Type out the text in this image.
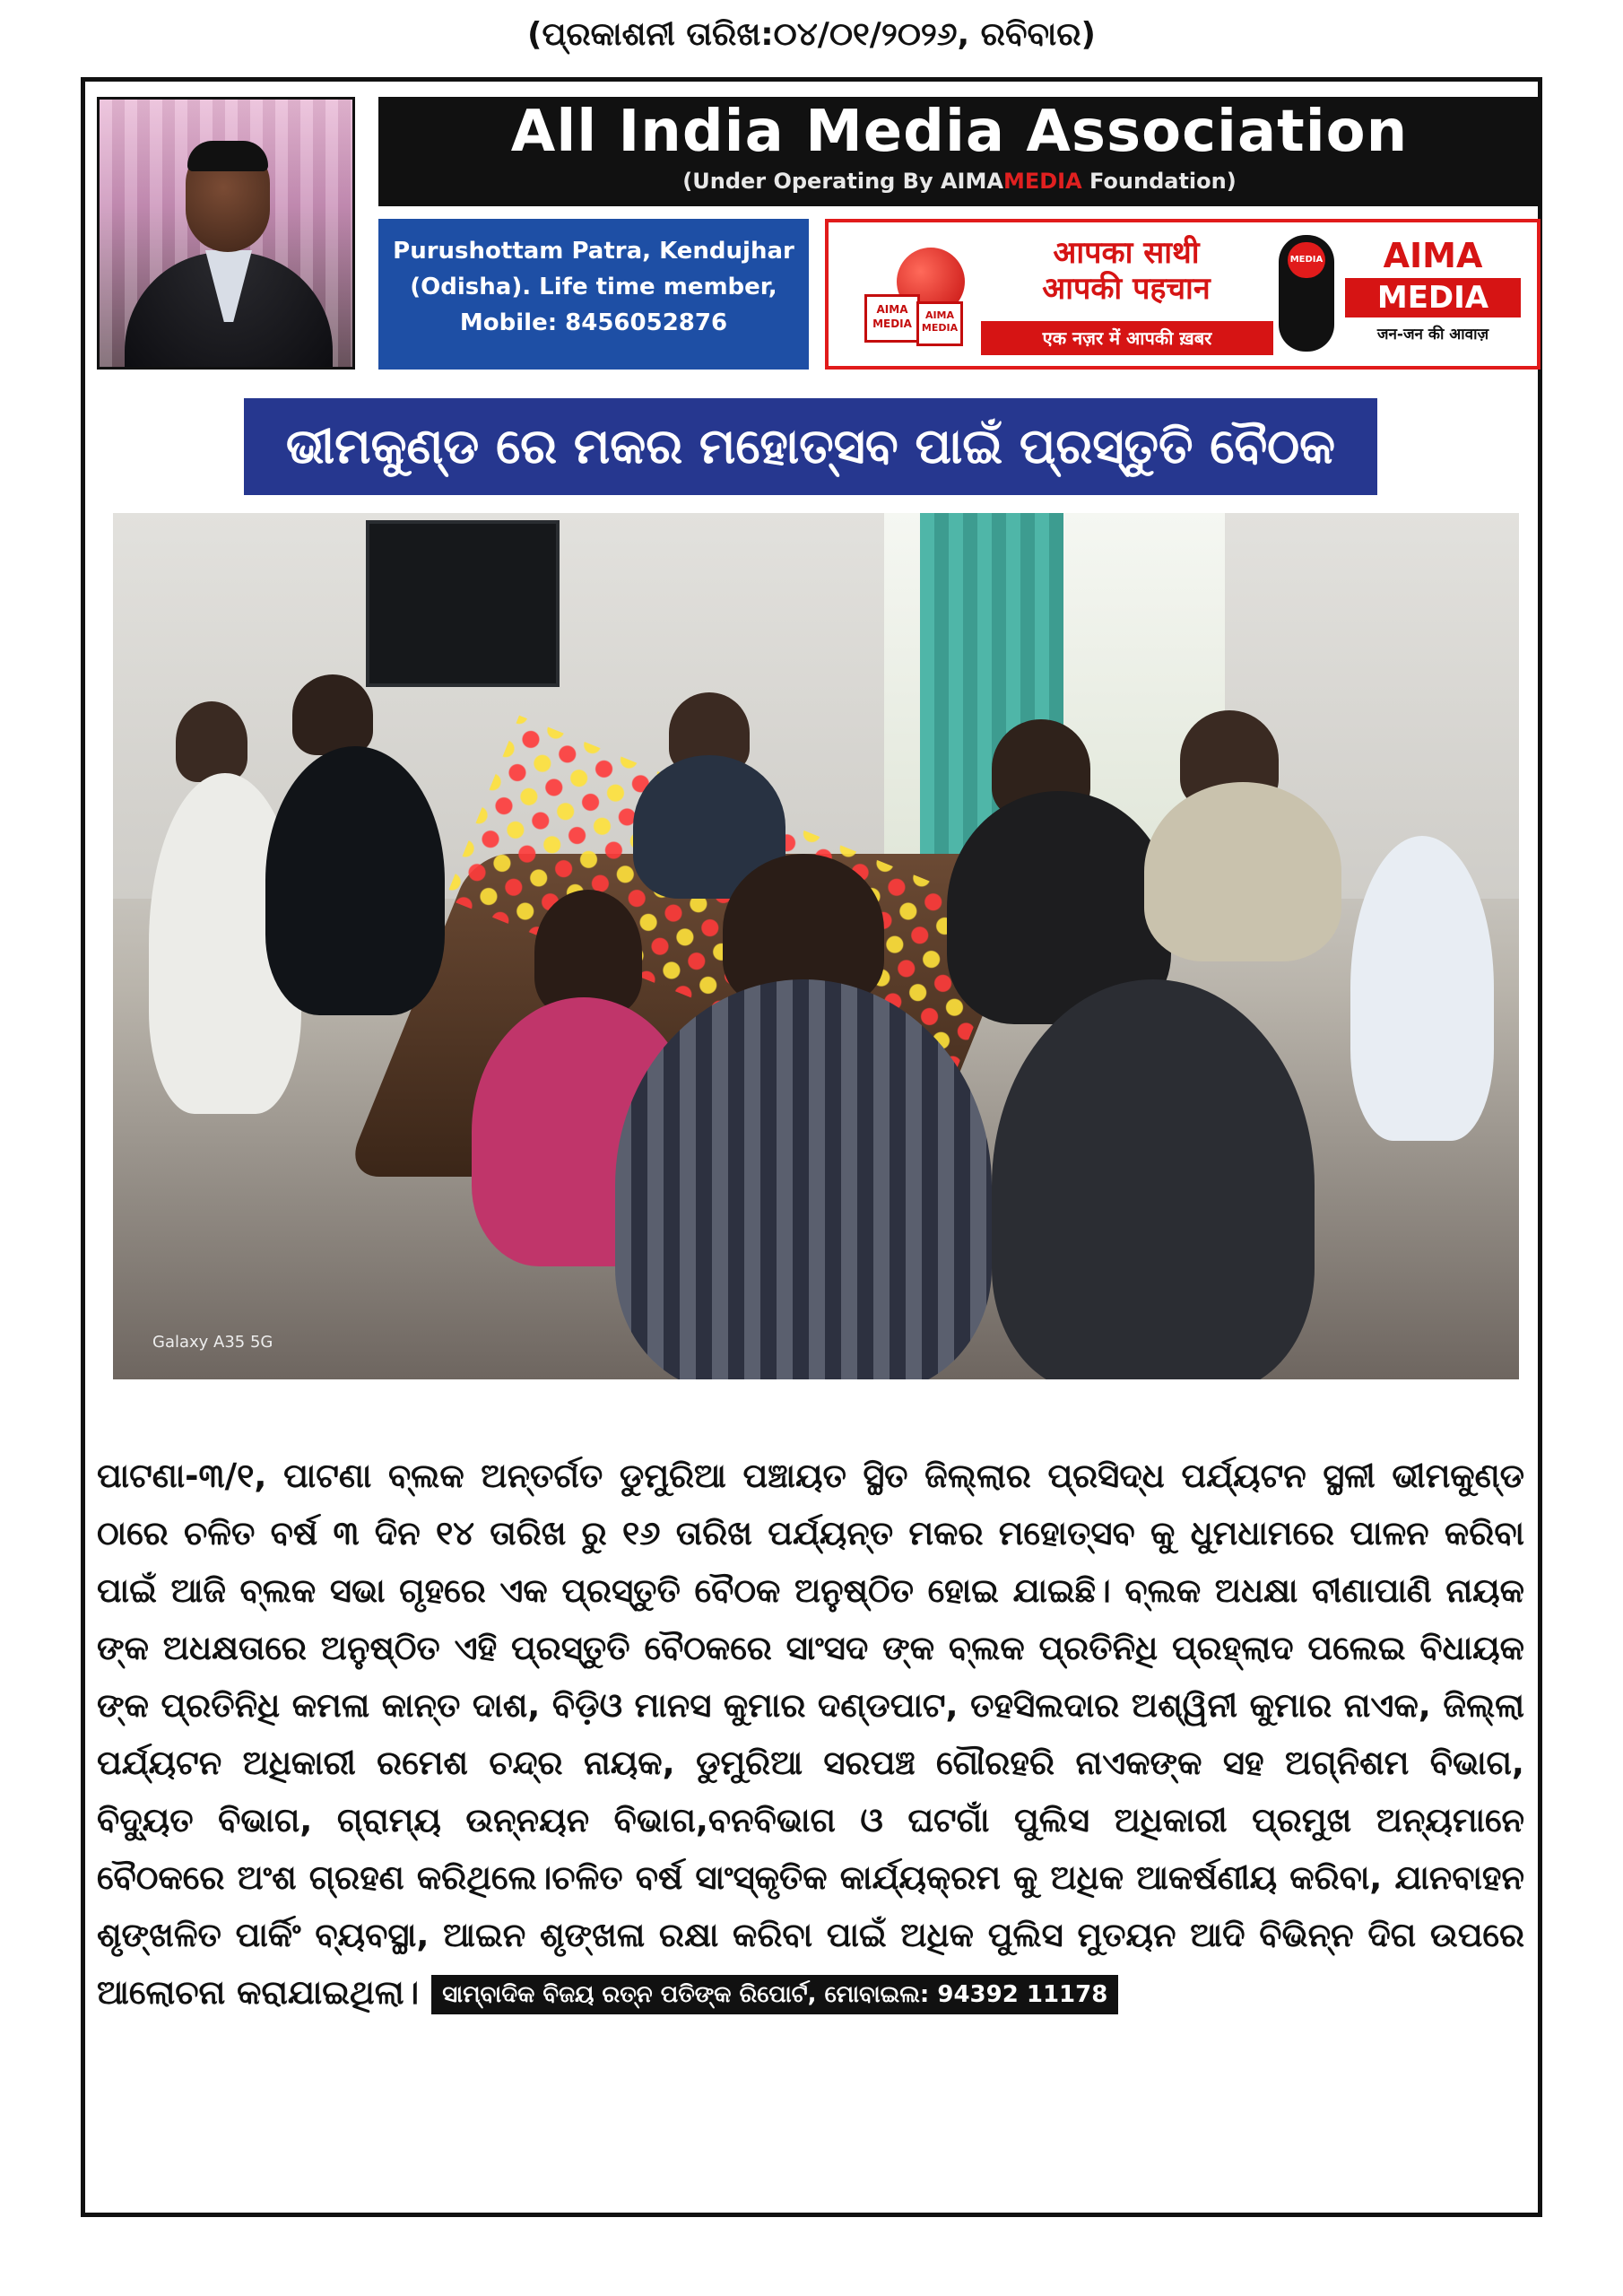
(ପ୍ରକାଶନୀ ତାରିଖ:୦୪/୦୧/୨୦୨୬, ରବିବାର)
All India Media Association
(Under Operating By AIMAMEDIA Foundation)
Purushottam Patra, Kendujhar (Odisha). Life time member, Mobile: 8456052876	AIMA MEDIA
AIMA MEDIA
आपका साथी
आपकी पहचान
एक नज़र में आपकी ख़बर
MEDIA	AIMA
MEDIA
जन-जन की आवाज़
ଭୀମକୁଣ୍ଡ ରେ ମକର ମହୋତ୍ସବ ପାଇଁ ପ୍ରସ୍ତୁତି ବୈଠକ
Galaxy A35 5G
ପାଟଣା-୩/୧, ପାଟଣା ବ୍ଲକ ଅନ୍ତର୍ଗତ ଡୁମୁରିଆ ପଞ୍ଚାୟତ ସ୍ଥିତ ଜିଲ୍ଲାର ପ୍ରସିଦ୍ଧ ପର୍ଯ୍ୟଟନ ସ୍ଥଳୀ ଭୀମକୁଣ୍ଡ ଠାରେ ଚଳିତ ବର୍ଷ ୩ ଦିନ ୧୪ ତାରିଖ ରୁ ୧୬ ତାରିଖ ପର୍ଯ୍ୟନ୍ତ ମକର ମହୋତ୍ସବ କୁ ଧୁମଧାମରେ ପାଳନ କରିବା ପାଇଁ ଆଜି ବ୍ଲକ ସଭା ଗୃହରେ ଏକ ପ୍ରସ୍ତୁତି ବୈଠକ ଅନୁଷ୍ଠିତ ହୋଇ ଯାଇଛି। ବ୍ଲକ ଅଧକ୍ଷା ବୀଣାପାଣି ନାୟକ ଙ୍କ ଅଧକ୍ଷତାରେ ଅନୁଷ୍ଠିତ ଏହି ପ୍ରସ୍ତୁତି ବୈଠକରେ ସାଂସଦ ଙ୍କ ବ୍ଲକ ପ୍ରତିନିଧି ପ୍ରହ୍ଲାଦ ପଲେଇ ବିଧାୟକ ଙ୍କ ପ୍ରତିନିଧି କମଳା କାନ୍ତ ଦାଶ, ବିଡ଼ିଓ ମାନସ କୁମାର ଦଣ୍ଡପାଟ, ତହସିଲଦାର ଅଶ୍ୱିନୀ କୁମାର ନାଏକ, ଜିଲ୍ଲା ପର୍ଯ୍ୟଟନ ଅଧିକାରୀ ରମେଶ ଚନ୍ଦ୍ର ନାୟକ, ଡୁମୁରିଆ ସରପଞ୍ଚ ଗୌରହରି ନାଏକଙ୍କ ସହ ଅଗ୍ନିଶମ ବିଭାଗ, ବିଦ୍ୟୁତ ବିଭାଗ, ଗ୍ରାମ୍ୟ ଉନ୍ନୟନ ବିଭାଗ,ବନବିଭାଗ ଓ ଘଟଗାଁ ପୁଲିସ ଅଧିକାରୀ ପ୍ରମୁଖ ଅନ୍ୟମାନେ ବୈଠକରେ ଅଂଶ ଗ୍ରହଣ କରିଥିଲେ।ଚଳିତ ବର୍ଷ ସାଂସ୍କୃତିକ କାର୍ଯ୍ୟକ୍ରମ କୁ ଅଧିକ ଆକର୍ଷଣୀୟ କରିବା, ଯାନବାହନ ଶୃଙ୍ଖଳିତ ପାର୍କିଂ ବ୍ୟବସ୍ଥା, ଆଇନ ଶୃଙ୍ଖଳା ରକ୍ଷା କରିବା ପାଇଁ ଅଧିକ ପୁଲିସ ମୁତୟନ ଆଦି ବିଭିନ୍ନ ଦିଗ ଉପରେ ଆଲୋଚନା କରାଯାଇଥିଲା। ସାମ୍ବାଦିକ ବିଜୟ ରତ୍ନ ପତିଙ୍କ ରିପୋର୍ଟ, ମୋବାଇଲ: 94392 11178
